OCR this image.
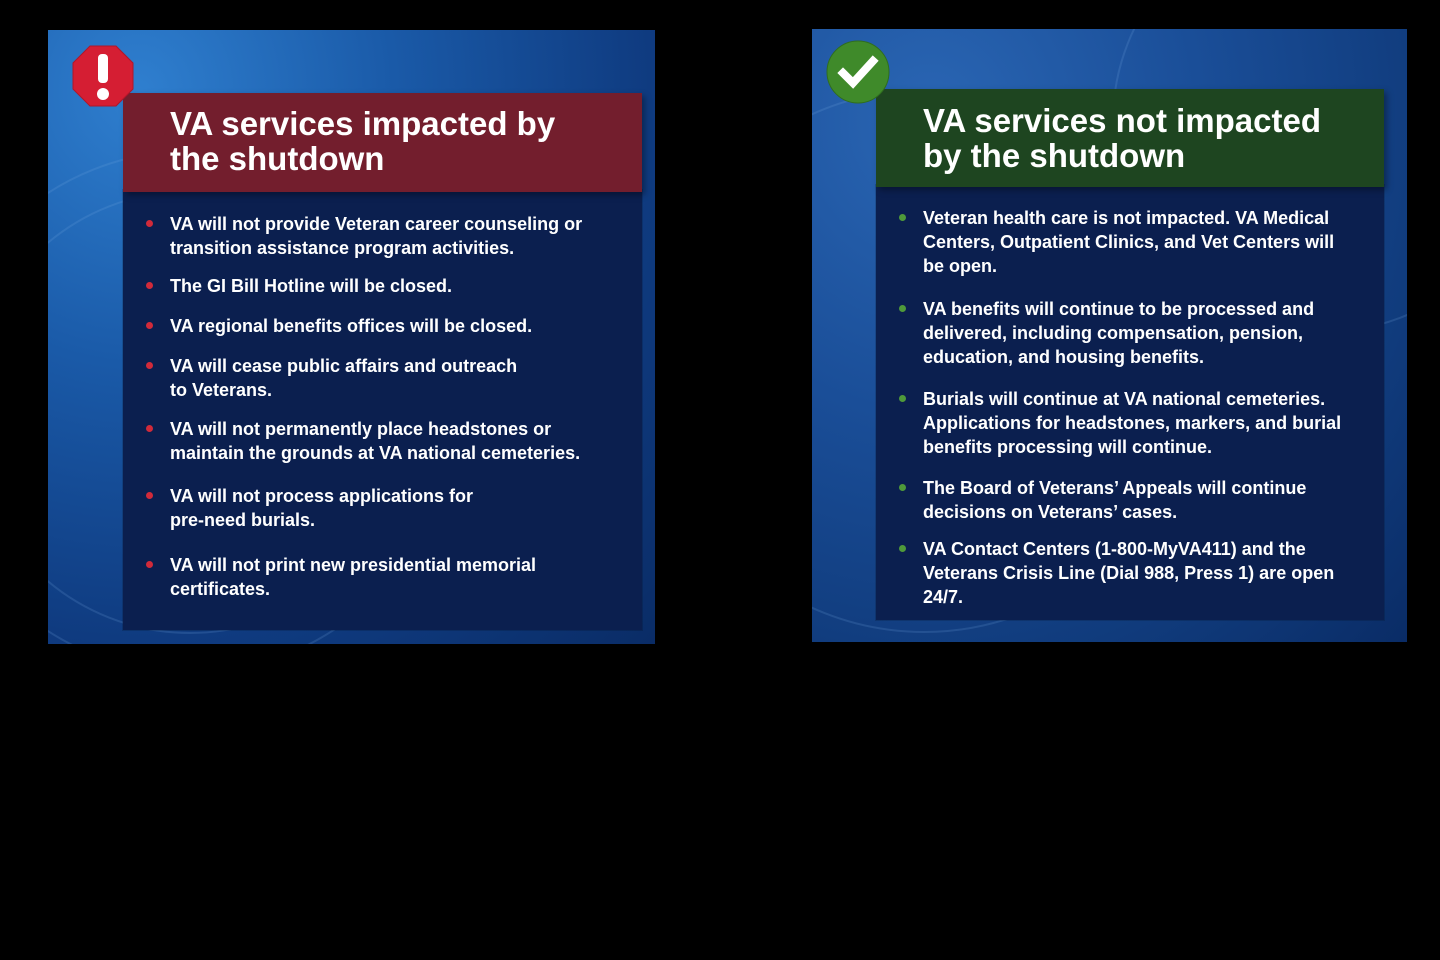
VA services impacted by the shutdown
VA will not provide Veteran career counseling or transition assistance program activities.
The GI Bill Hotline will be closed.
VA regional benefits offices will be closed.
VA will cease public affairs and outreach to Veterans.
VA will not permanently place headstones or maintain the grounds at VA national cemeteries.
VA will not process applications for pre-need burials.
VA will not print new presidential memorial certificates.
VA services not impacted by the shutdown
Veteran health care is not impacted. VA Medical Centers, Outpatient Clinics, and Vet Centers will be open.
VA benefits will continue to be processed and delivered, including compensation, pension, education, and housing benefits.
Burials will continue at VA national cemeteries. Applications for headstones, markers, and burial benefits processing will continue.
The Board of Veterans’ Appeals will continue decisions on Veterans’ cases.
VA Contact Centers (1-800-MyVA411) and the Veterans Crisis Line (Dial 988, Press 1) are open 24/7.
